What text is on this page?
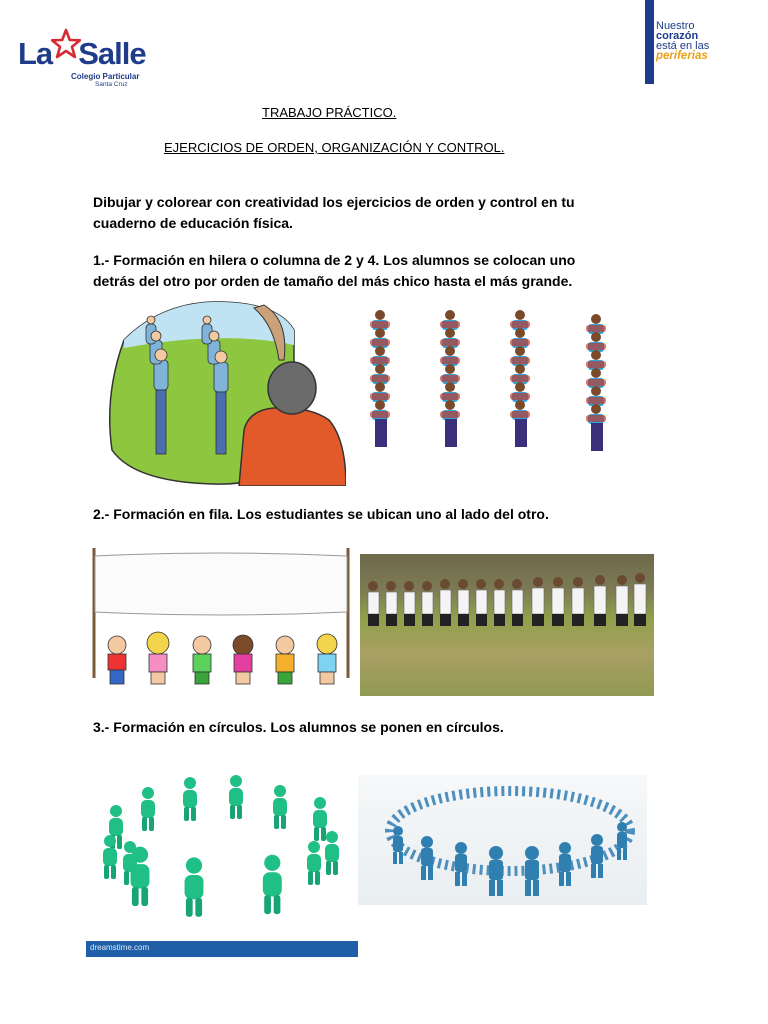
La Salle
Colegio Particular
Santa Cruz
Nuestro
corazón
está en las
periferias
TRABAJO PRÁCTICO.
EJERCICIOS DE ORDEN, ORGANIZACIÓN Y CONTROL.
Dibujar y colorear con creatividad los ejercicios de orden y control en tu
cuaderno de educación física.
1.- Formación en hilera o columna de 2 y 4. Los alumnos se colocan uno
detrás del otro por orden de tamaño del más chico hasta el más grande.
2.- Formación en fila. Los estudiantes se ubican uno al lado del otro.
3.- Formación en círculos. Los alumnos se ponen en círculos.
dreamstime.com
